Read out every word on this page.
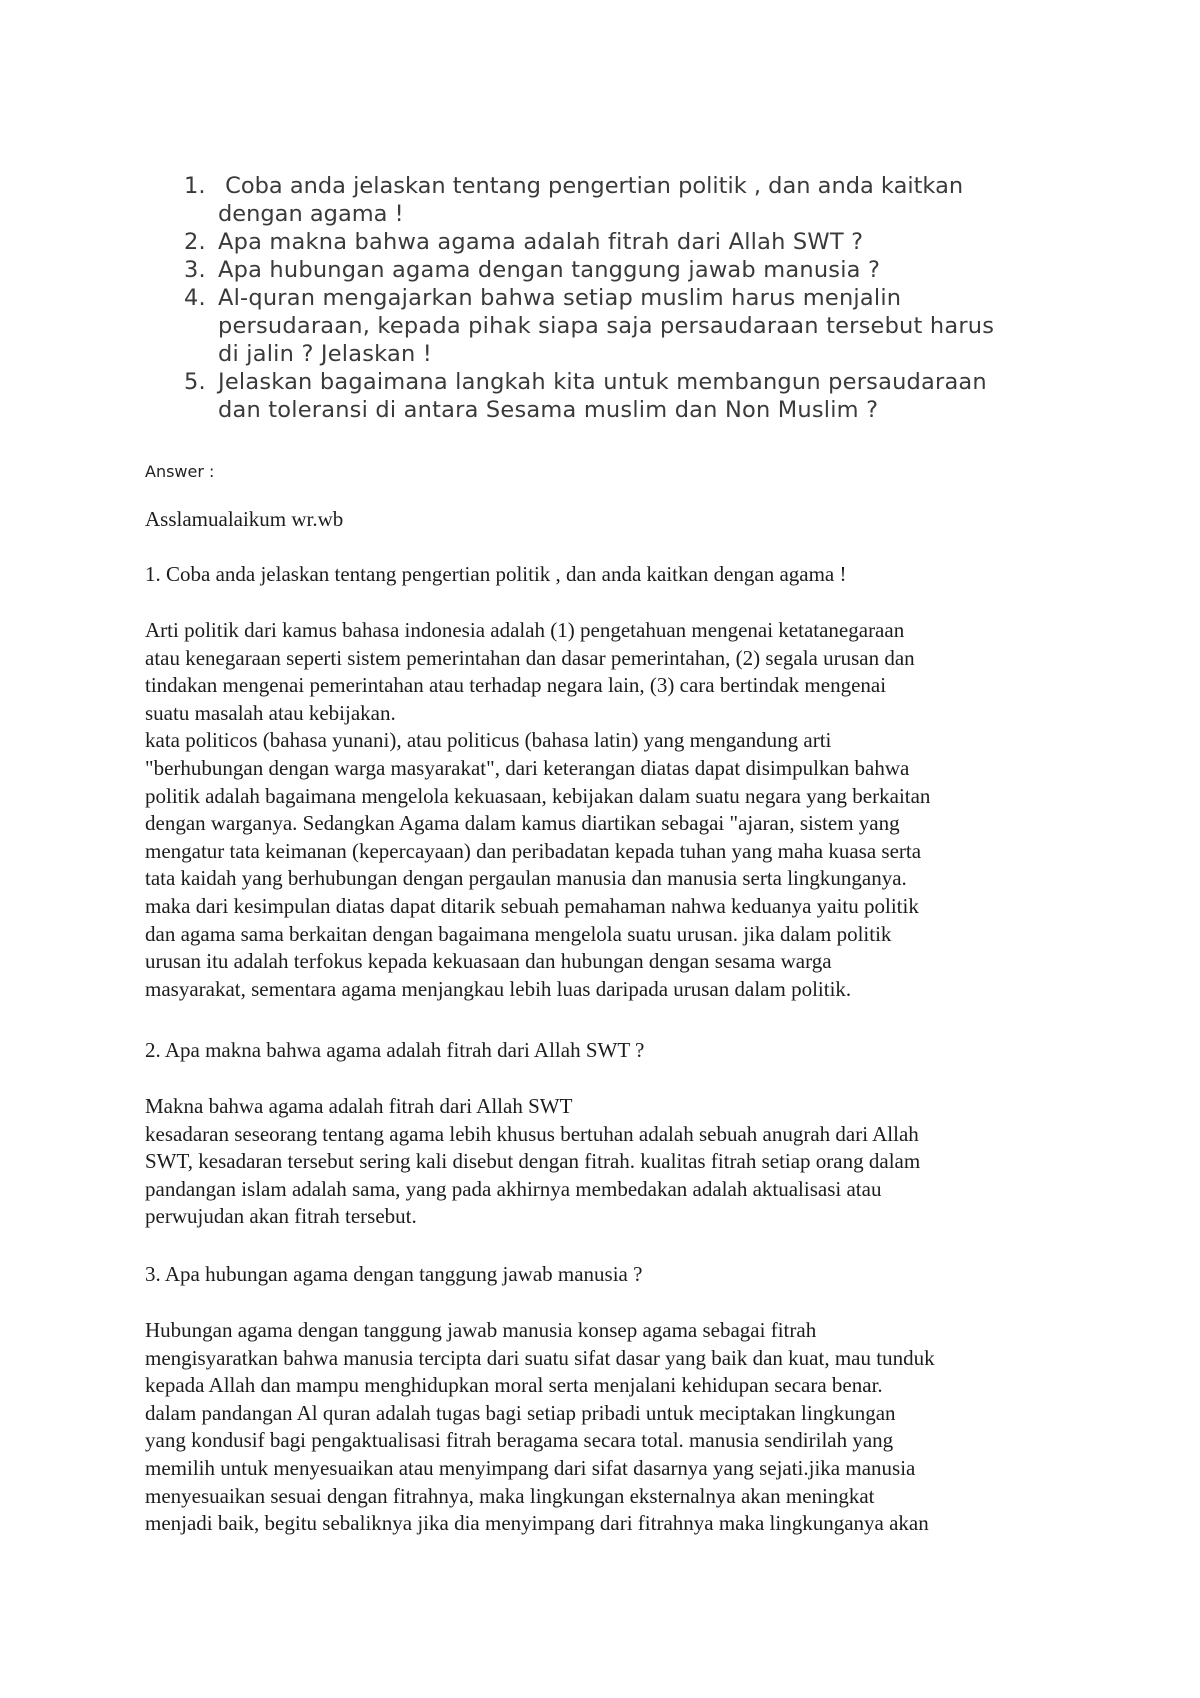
1. Coba anda jelaskan tentang pengertian politik , dan anda kaitkan
dengan agama !
2. Apa makna bahwa agama adalah fitrah dari Allah SWT ?
3. Apa hubungan agama dengan tanggung jawab manusia ?
4. Al-quran mengajarkan bahwa setiap muslim harus menjalin
persudaraan, kepada pihak siapa saja persaudaraan tersebut harus
di jalin ? Jelaskan !
5. Jelaskan bagaimana langkah kita untuk membangun persaudaraan
dan toleransi di antara Sesama muslim dan Non Muslim ?
Answer :

Asslamualaikum wr.wb

1. Coba anda jelaskan tentang pengertian politik , dan anda kaitkan dengan agama !

Arti politik dari kamus bahasa indonesia adalah (1) pengetahuan mengenai ketatanegaraan
atau kenegaraan seperti sistem pemerintahan dan dasar pemerintahan, (2) segala urusan dan
tindakan mengenai pemerintahan atau terhadap negara lain, (3) cara bertindak mengenai
suatu masalah atau kebijakan.
kata politicos (bahasa yunani), atau politicus (bahasa latin) yang mengandung arti
"berhubungan dengan warga masyarakat", dari keterangan diatas dapat disimpulkan bahwa
politik adalah bagaimana mengelola kekuasaan, kebijakan dalam suatu negara yang berkaitan
dengan warganya. Sedangkan Agama dalam kamus diartikan sebagai "ajaran, sistem yang
mengatur tata keimanan (kepercayaan) dan peribadatan kepada tuhan yang maha kuasa serta
tata kaidah yang berhubungan dengan pergaulan manusia dan manusia serta lingkunganya.
maka dari kesimpulan diatas dapat ditarik sebuah pemahaman nahwa keduanya yaitu politik
dan agama sama berkaitan dengan bagaimana mengelola suatu urusan. jika dalam politik
urusan itu adalah terfokus kepada kekuasaan dan hubungan dengan sesama warga
masyarakat, sementara agama menjangkau lebih luas daripada urusan dalam politik.

2. Apa makna bahwa agama adalah fitrah dari Allah SWT ?

Makna bahwa agama adalah fitrah dari Allah SWT
kesadaran seseorang tentang agama lebih khusus bertuhan adalah sebuah anugrah dari Allah
SWT, kesadaran tersebut sering kali disebut dengan fitrah. kualitas fitrah setiap orang dalam
pandangan islam adalah sama, yang pada akhirnya membedakan adalah aktualisasi atau
perwujudan akan fitrah tersebut.

3. Apa hubungan agama dengan tanggung jawab manusia ?

Hubungan agama dengan tanggung jawab manusia konsep agama sebagai fitrah
mengisyaratkan bahwa manusia tercipta dari suatu sifat dasar yang baik dan kuat, mau tunduk
kepada Allah dan mampu menghidupkan moral serta menjalani kehidupan secara benar.
dalam pandangan Al quran adalah tugas bagi setiap pribadi untuk meciptakan lingkungan
yang kondusif bagi pengaktualisasi fitrah beragama secara total. manusia sendirilah yang
memilih untuk menyesuaikan atau menyimpang dari sifat dasarnya yang sejati.jika manusia
menyesuaikan sesuai dengan fitrahnya, maka lingkungan eksternalnya akan meningkat
menjadi baik, begitu sebaliknya jika dia menyimpang dari fitrahnya maka lingkunganya akan
